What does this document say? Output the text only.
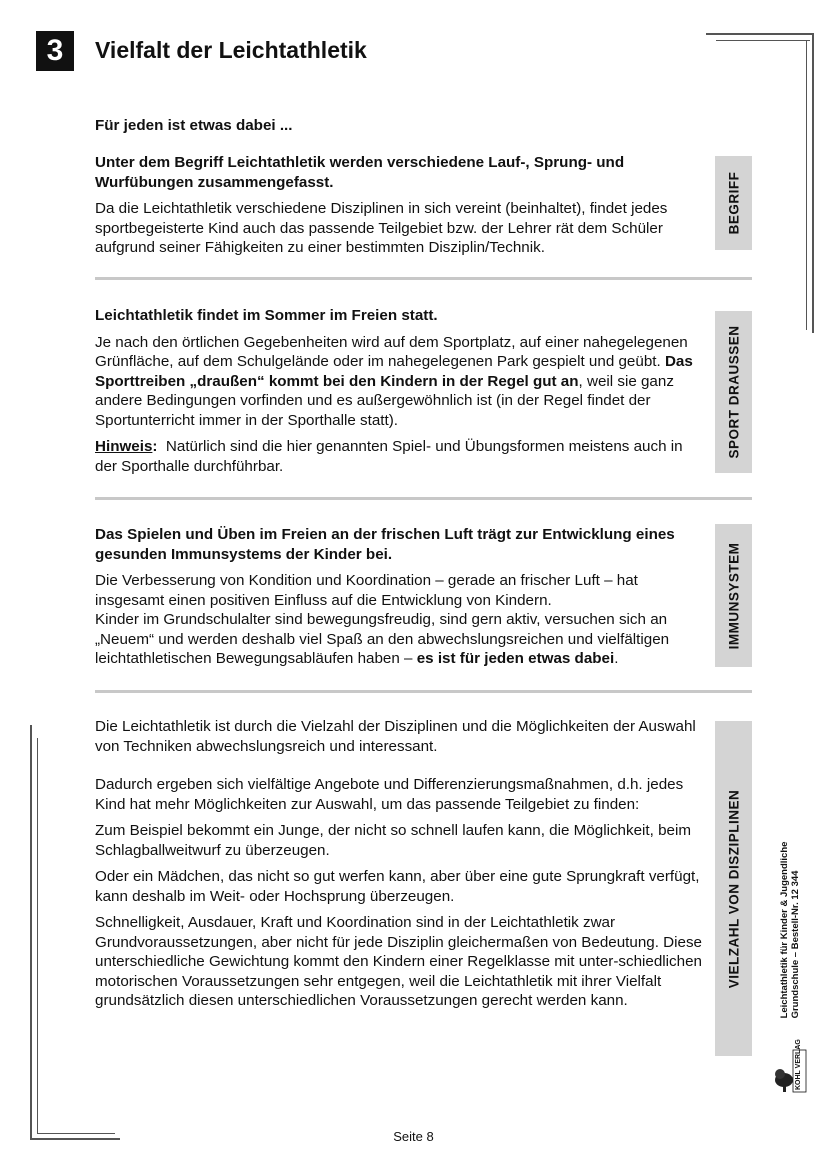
3	Vielfalt der Leichtathletik
Für jeden ist etwas dabei ...

Unter dem Begriff Leichtathletik werden verschiedene Lauf-, Sprung- und Wurfübungen zusammengefasst.

Da die Leichtathletik verschiedene Disziplinen in sich vereint (beinhaltet), findet jedes sportbegeisterte Kind auch das passende Teilgebiet bzw. der Lehrer rät dem Schüler aufgrund seiner Fähigkeiten zu einer bestimmten Disziplin/Technik.

BEGRIFF

Leichtathletik findet im Sommer im Freien statt.

Je nach den örtlichen Gegebenheiten wird auf dem Sportplatz, auf einer nahegelegenen Grünfläche, auf dem Schulgelände oder im nahegelegenen Park gespielt und geübt. Das Sporttreiben „draußen“ kommt bei den Kindern in der Regel gut an, weil sie ganz andere Bedingungen vorfinden und es außergewöhnlich ist (in der Regel findet der Sportunterricht immer in der Sporthalle statt).

Hinweis:  Natürlich sind die hier genannten Spiel- und Übungsformen meistens auch in der Sporthalle durchführbar.

SPORT DRAUSSEN

Das Spielen und Üben im Freien an der frischen Luft trägt zur Entwicklung eines gesunden Immunsystems der Kinder bei.

Die Verbesserung von Kondition und Koordination – gerade an frischer Luft – hat insgesamt einen positiven Einfluss auf die Entwicklung von Kindern.
Kinder im Grundschulalter sind bewegungsfreudig, sind gern aktiv, versuchen sich an „Neuem“ und werden deshalb viel Spaß an den abwechslungsreichen und vielfältigen leichtathletischen Bewegungsabläufen haben – es ist für jeden etwas dabei.

IMMUNSYSTEM

Die Leichtathletik ist durch die Vielzahl der Disziplinen und die Möglichkeiten der Auswahl von Techniken abwechslungsreich und interessant.

Dadurch ergeben sich vielfältige Angebote und Differenzierungsmaßnahmen, d.h. jedes Kind hat mehr Möglichkeiten zur Auswahl, um das passende Teilgebiet zu finden:

Zum Beispiel bekommt ein Junge, der nicht so schnell laufen kann, die Möglichkeit, beim Schlagballweitwurf zu überzeugen.

Oder ein Mädchen, das nicht so gut werfen kann, aber über eine gute Sprungkraft verfügt, kann deshalb im Weit- oder Hochsprung überzeugen.

Schnelligkeit, Ausdauer, Kraft und Koordination sind in der Leichtathletik zwar Grundvoraussetzungen, aber nicht für jede Disziplin gleichermaßen von Bedeutung. Diese unterschiedliche Gewichtung kommt den Kindern einer Regelklasse mit unter-schiedlichen motorischen Voraussetzungen sehr entgegen, weil die Leichtathletik mit ihrer Vielfalt grundsätzlich diesen unterschiedlichen Voraussetzungen gerecht werden kann.

VIELZAHL VON DISZIPLINEN	Leichtathletik für Kinder & Jugendliche Grundschule – Bestell-Nr. 12 344
KOHL VERLAG
Seite 8
